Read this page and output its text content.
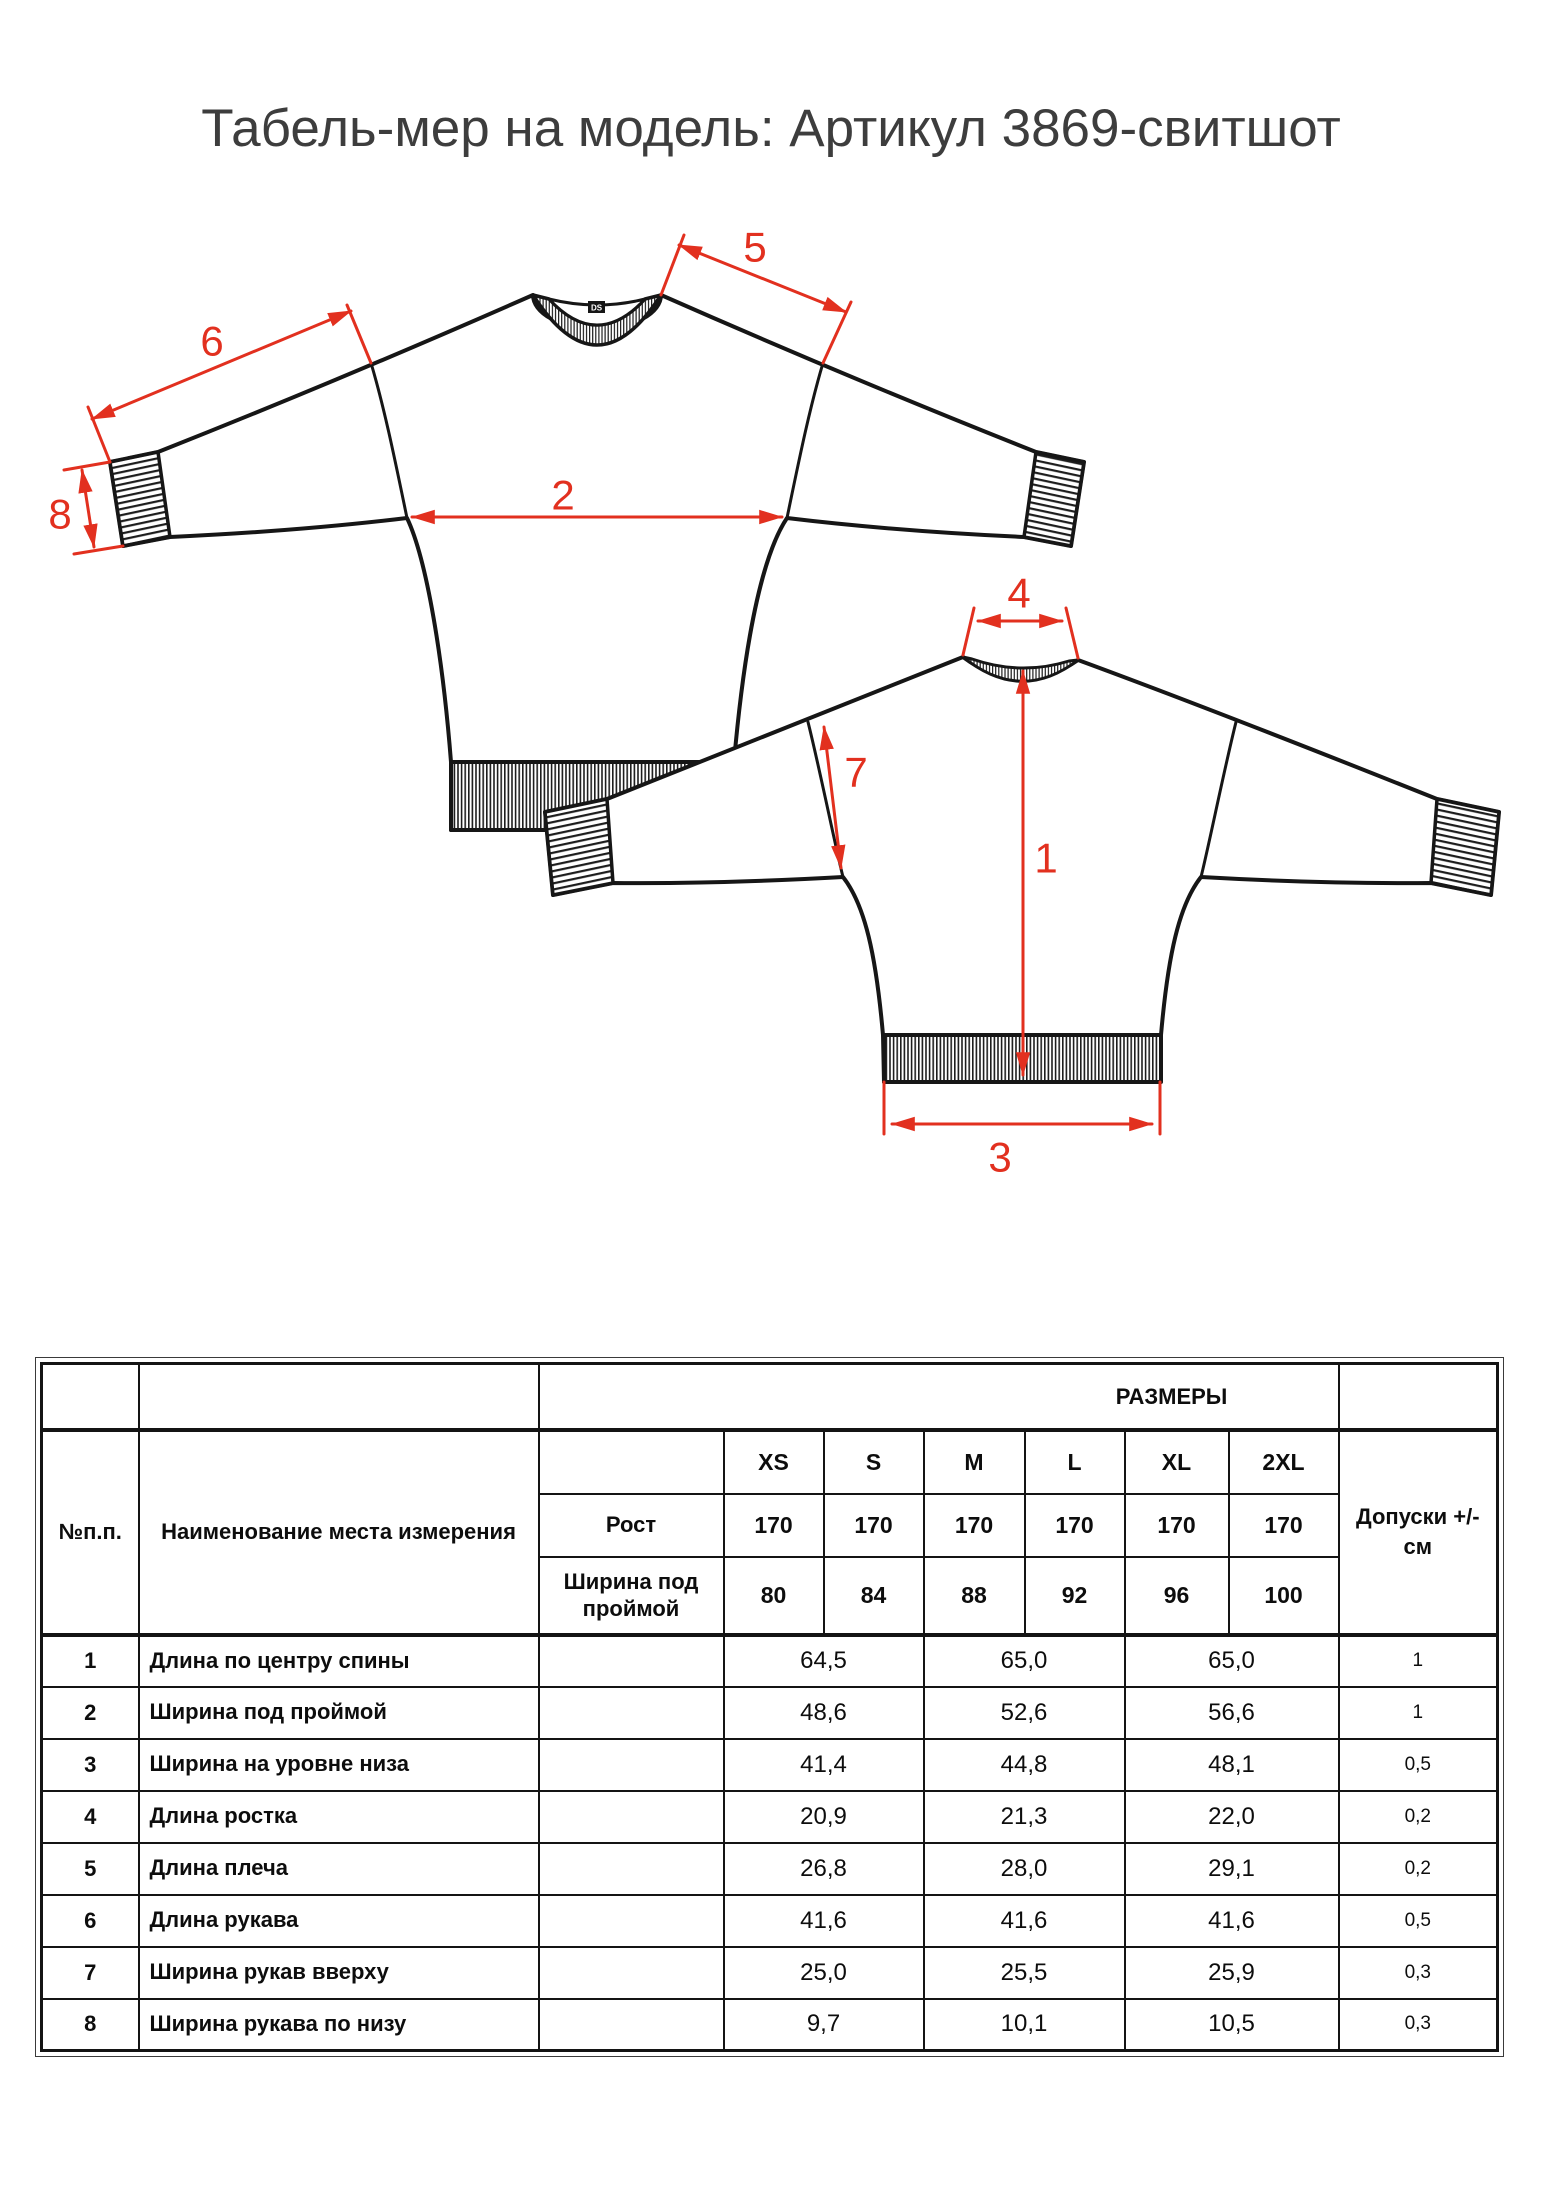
Табель-мер на модель: Артикул 3869-свитшот
DS
6
8
5
2
4
1
7
3
		РАЗМЕРЫ							
№п.п.	Наименование места измерения		XS	S	M	L	XL	2XL	Допуски +/- см
		Рост	170	170	170	170	170	170	
		Ширина под проймой	80	84	88	92	96	100	
1	Длина по центру спины		64,5		65,0		65,0		1
2	Ширина под проймой		48,6		52,6		56,6		1
3	Ширина на уровне низа		41,4		44,8		48,1		0,5
4	Длина ростка		20,9		21,3		22,0		0,2
5	Длина плеча		26,8		28,0		29,1		0,2
6	Длина рукава		41,6		41,6		41,6		0,5
7	Ширина рукав вверху		25,0		25,5		25,9		0,3
8	Ширина рукава по низу		9,7		10,1		10,5		0,3
